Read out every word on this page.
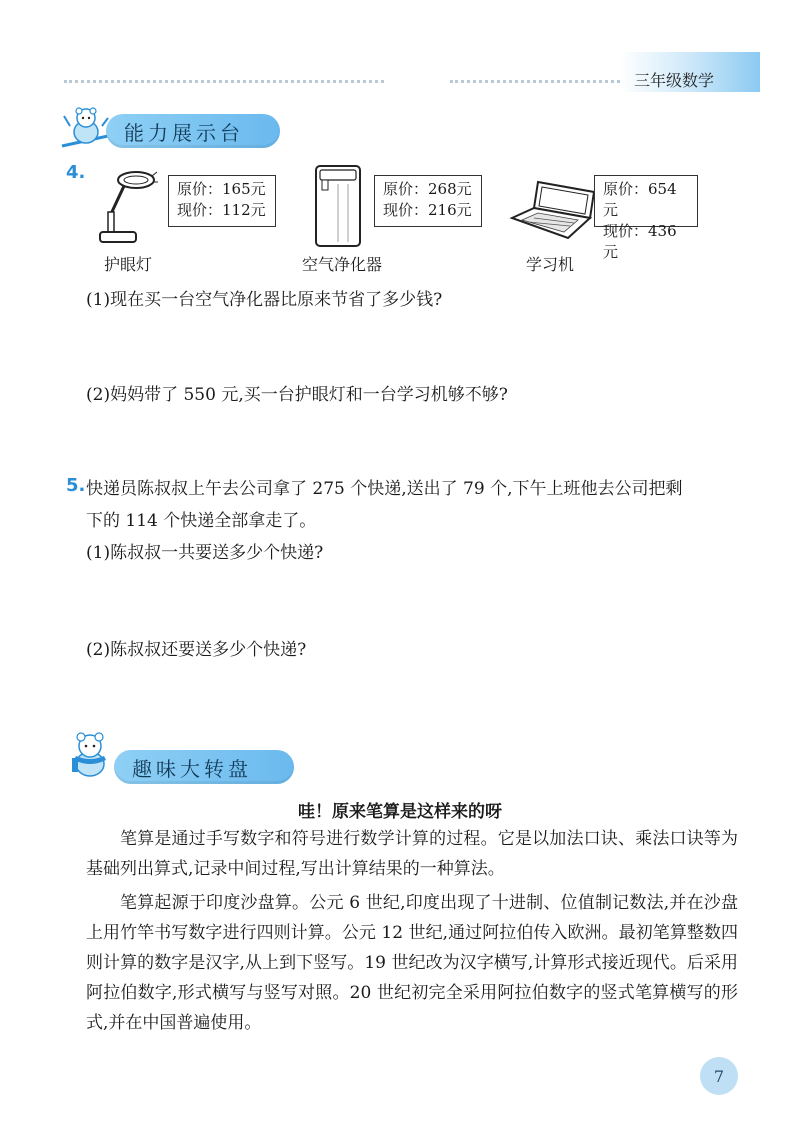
三年级数学
能力展示台
4.
原价：165元
现价：112元
护眼灯
原价：268元
现价：216元
空气净化器
原价：654元
现价：436元
学习机
(1)现在买一台空气净化器比原来节省了多少钱?
(2)妈妈带了 550 元,买一台护眼灯和一台学习机够不够?
5. 快递员陈叔叔上午去公司拿了 275 个快递,送出了 79 个,下午上班他去公司把剩
下的 114 个快递全部拿走了。
(1)陈叔叔一共要送多少个快递?
(2)陈叔叔还要送多少个快递?
趣味大转盘
哇！原来笔算是这样来的呀
笔算是通过手写数字和符号进行数学计算的过程。它是以加法口诀、乘法口诀等为基础列出算式,记录中间过程,写出计算结果的一种算法。
笔算起源于印度沙盘算。公元 6 世纪,印度出现了十进制、位值制记数法,并在沙盘上用竹竿书写数字进行四则计算。公元 12 世纪,通过阿拉伯传入欧洲。最初笔算整数四则计算的数字是汉字,从上到下竖写。19 世纪改为汉字横写,计算形式接近现代。后采用阿拉伯数字,形式横写与竖写对照。20 世纪初完全采用阿拉伯数字的竖式笔算横写的形式,并在中国普遍使用。
7
